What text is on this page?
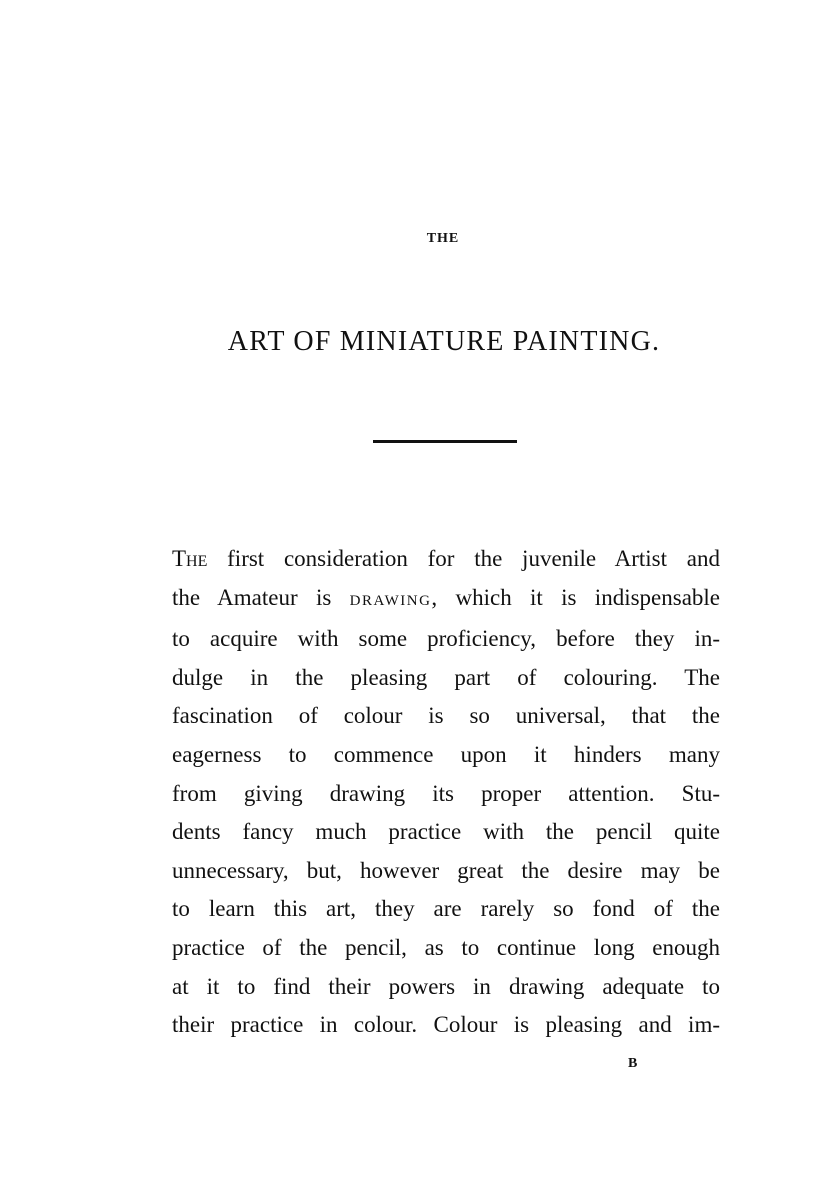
THE
ART OF MINIATURE PAINTING.
The first consideration for the juvenile Artist and
the Amateur is DRAWING, which it is indispensable
to acquire with some proficiency, before they in-
dulge in the pleasing part of colouring. The
fascination of colour is so universal, that the
eagerness to commence upon it hinders many
from giving drawing its proper attention. Stu-
dents fancy much practice with the pencil quite
unnecessary, but, however great the desire may be
to learn this art, they are rarely so fond of the
practice of the pencil, as to continue long enough
at it to find their powers in drawing adequate to
their practice in colour. Colour is pleasing and im-
B
